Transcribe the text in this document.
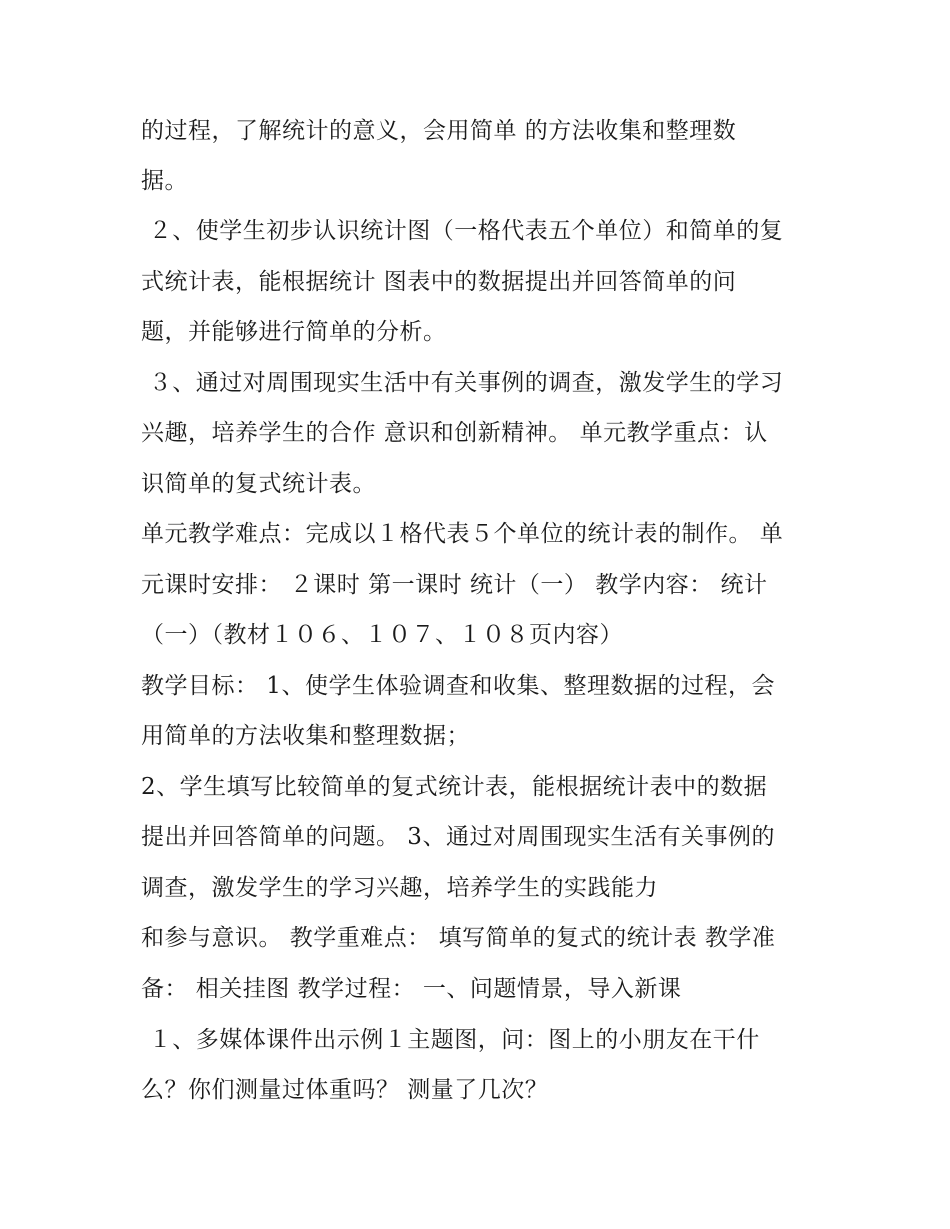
的过程，了解统计的意义，会用简单 的方法收集和整理数
据。
２、使学生初步认识统计图（一格代表五个单位）和简单的复
式统计表，能根据统计 图表中的数据提出并回答简单的问
题，并能够进行简单的分析。
３、通过对周围现实生活中有关事例的调查，激发学生的学习
兴趣，培养学生的合作 意识和创新精神。 单元教学重点：认
识简单的复式统计表。
单元教学难点：完成以１格代表５个单位的统计表的制作。 单
元课时安排： ２课时 第一课时 统计（一） 教学内容： 统计
（一）（教材１０６、１０７、１０８页内容）
教学目标： 1、使学生体验调查和收集、整理数据的过程，会
用简单的方法收集和整理数据；
2、学生填写比较简单的复式统计表，能根据统计表中的数据
提出并回答简单的问题。 3、通过对周围现实生活有关事例的
调查，激发学生的学习兴趣，培养学生的实践能力
和参与意识。 教学重难点： 填写简单的复式的统计表 教学准
备： 相关挂图 教学过程： 一、问题情景，导入新课
１、多媒体课件出示例１主题图，问：图上的小朋友在干什
么？你们测量过体重吗？ 测量了几次？
